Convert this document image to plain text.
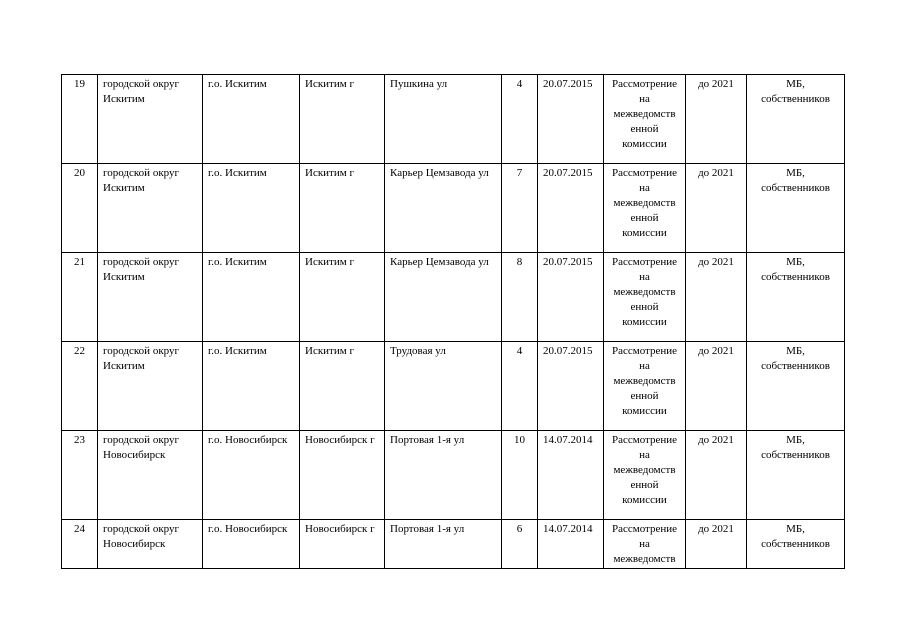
19	городской округ Искитим	г.о. Искитим	Искитим г	Пушкина ул	4	20.07.2015	Рассмотрение
на
межведомств
енной
комиссии	до 2021	МБ,
собственников

20	городской округ Искитим	г.о. Искитим	Искитим г	Карьер Цемзавода ул	7	20.07.2015	Рассмотрение
на
межведомств
енной
комиссии	до 2021	МБ,
собственников

21	городской округ Искитим	г.о. Искитим	Искитим г	Карьер Цемзавода ул	8	20.07.2015	Рассмотрение
на
межведомств
енной
комиссии	до 2021	МБ,
собственников

22	городской округ Искитим	г.о. Искитим	Искитим г	Трудовая ул	4	20.07.2015	Рассмотрение
на
межведомств
енной
комиссии	до 2021	МБ,
собственников

23	городской округ Новосибирск	г.о. Новосибирск	Новосибирск г	Портовая 1-я ул	10	14.07.2014	Рассмотрение
на
межведомств
енной
комиссии	до 2021	МБ,
собственников

24	городской округ Новосибирск	г.о. Новосибирск	Новосибирск г	Портовая 1-я ул	6	14.07.2014	Рассмотрение
на
межведомств	до 2021	МБ,
собственников
